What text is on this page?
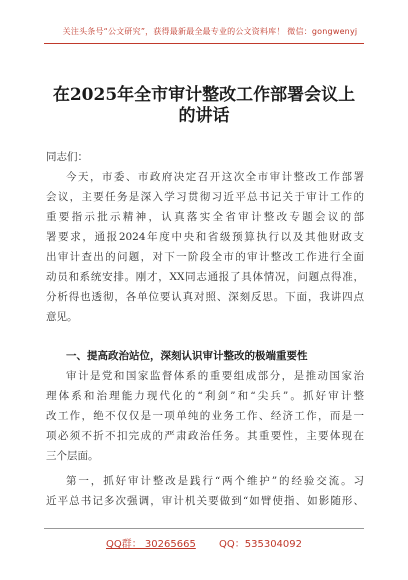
关注头条号“公文研究”，获得最新最全最专业的公文资料库！ 微信：gongwenyj
在2025年全市审计整改工作部署会议上
的讲话
同志们：
今天，市委、市政府决定召开这次全市审计整改工作部署
会议，主要任务是深入学习贯彻习近平总书记关于审计工作的
重要指示批示精神，认真落实全省审计整改专题会议的部
署要求，通报2024年度中央和省级预算执行以及其他财政支
出审计查出的问题，对下一阶段全市的审计整改工作进行全面
动员和系统安排。刚才，XX同志通报了具体情况，问题点得准，
分析得也透彻，各单位要认真对照、深刻反思。下面，我讲四点
意见。
一、提高政治站位，深刻认识审计整改的极端重要性
审计是党和国家监督体系的重要组成部分，是推动国家治
理体系和治理能力现代化的“利剑”和“尖兵”。抓好审计整
改工作，绝不仅仅是一项单纯的业务工作、经济工作，而是一
项必须不折不扣完成的严肃政治任务。其重要性，主要体现在
三个层面。
第一，抓好审计整改是践行“两个维护”的经验交流。习
近平总书记多次强调，审计机关要做到“如臂使指、如影随形、
QQ群： 30265665 QQ：535304092
